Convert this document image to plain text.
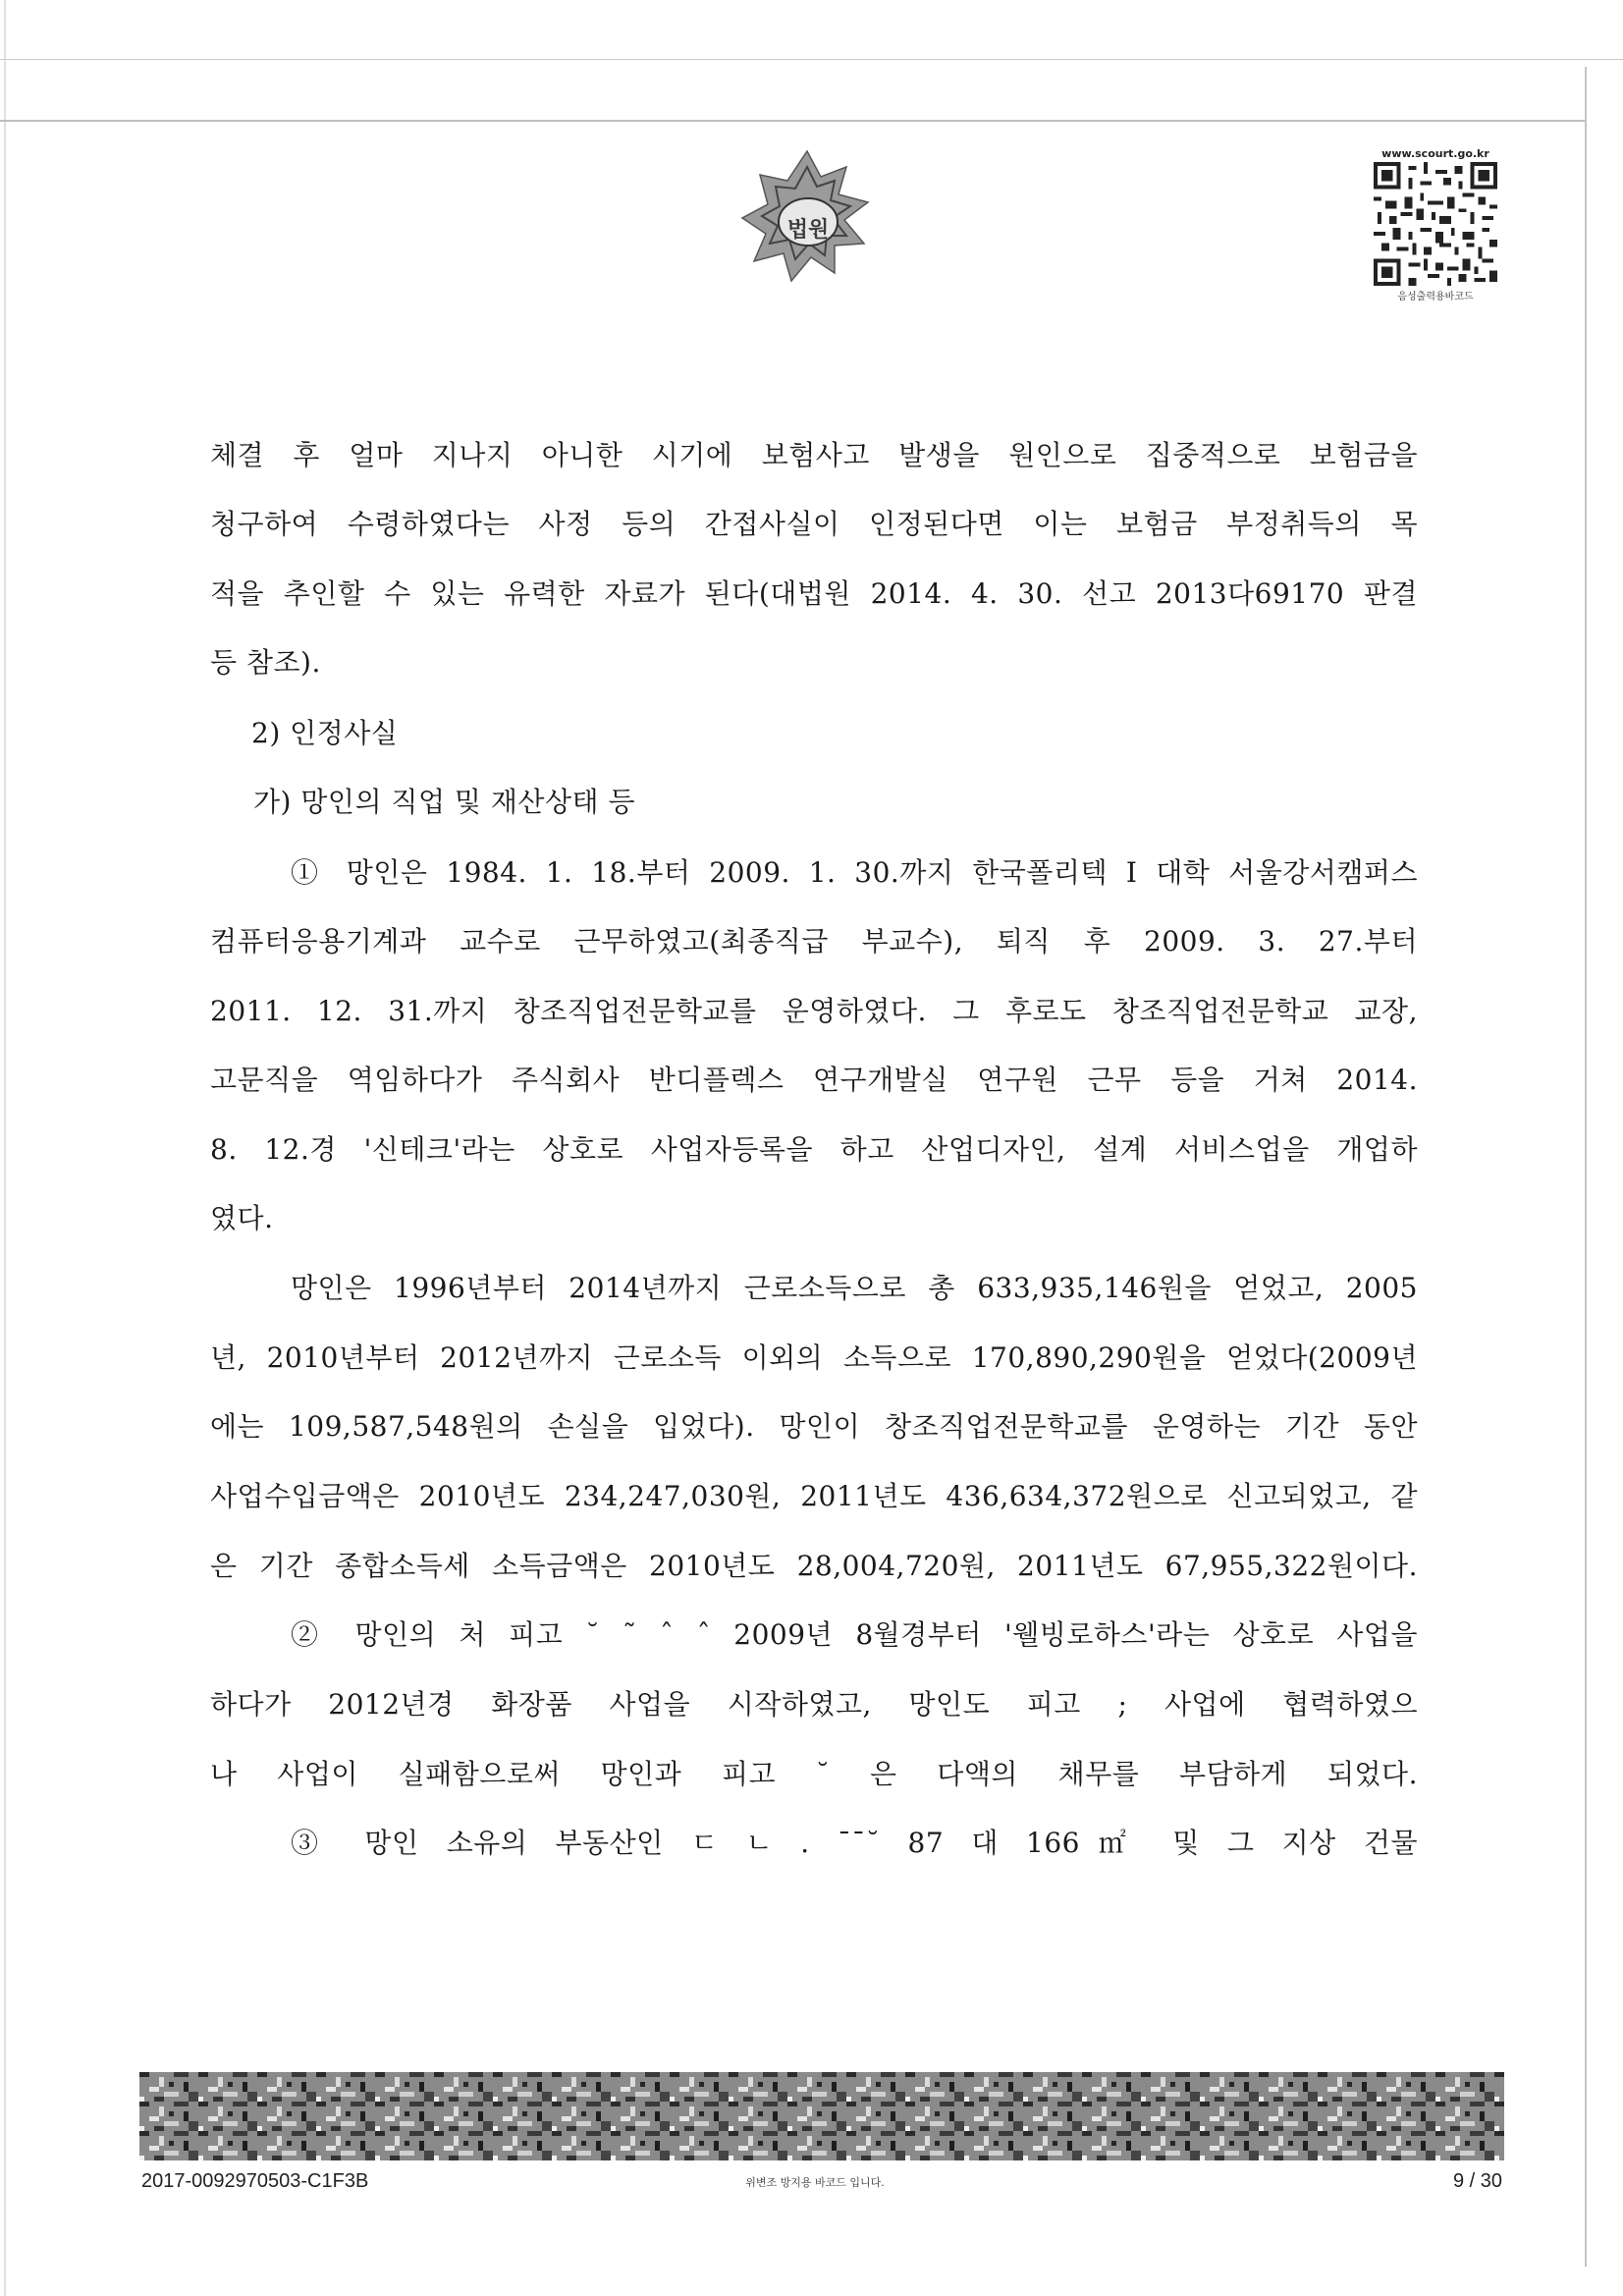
법원
www.scourt.go.kr
음성출력용바코드
체결 후 얼마 지나지 아니한 시기에 보험사고 발생을 원인으로 집중적으로 보험금을
청구하여 수령하였다는 사정 등의 간접사실이 인정된다면 이는 보험금 부정취득의 목
적을 추인할 수 있는 유력한 자료가 된다(대법원 2014. 4. 30. 선고 2013다69170 판결
등 참조).
2) 인정사실
가) 망인의 직업 및 재산상태 등
① 망인은 1984. 1. 18.부터 2009. 1. 30.까지 한국폴리텍 I 대학 서울강서캠퍼스
컴퓨터응용기계과 교수로 근무하였고(최종직급 부교수), 퇴직 후 2009. 3. 27.부터
2011. 12. 31.까지 창조직업전문학교를 운영하였다. 그 후로도 창조직업전문학교 교장,
고문직을 역임하다가 주식회사 반디플렉스 연구개발실 연구원 근무 등을 거쳐 2014.
8. 12.경 '신테크'라는 상호로 사업자등록을 하고 산업디자인, 설계 서비스업을 개업하
였다.
망인은 1996년부터 2014년까지 근로소득으로 총 633,935,146원을 얻었고, 2005
년, 2010년부터 2012년까지 근로소득 이외의 소득으로 170,890,290원을 얻었다(2009년
에는 109,587,548원의 손실을 입었다). 망인이 창조직업전문학교를 운영하는 기간 동안
사업수입금액은 2010년도 234,247,030원, 2011년도 436,634,372원으로 신고되었고, 같
은 기간 종합소득세 소득금액은 2010년도 28,004,720원, 2011년도 67,955,322원이다.
② 망인의 처 피고 ˘ ˜ ˆ ˆ 2009년 8월경부터 '웰빙로하스'라는 상호로 사업을
하다가 2012년경 화장품 사업을 시작하였고, 망인도 피고 ; 사업에 협력하였으
나 사업이 실패함으로써 망인과 피고 ˘ 은 다액의 채무를 부담하게 되었다.
③ 망인 소유의 부동산인 ㄷ ㄴ . ˉˉ˘ 87 대 166㎡ 및 그 지상 건물
2017-0092970503-C1F3B	위변조 방지용 바코드 입니다.	9 / 30
